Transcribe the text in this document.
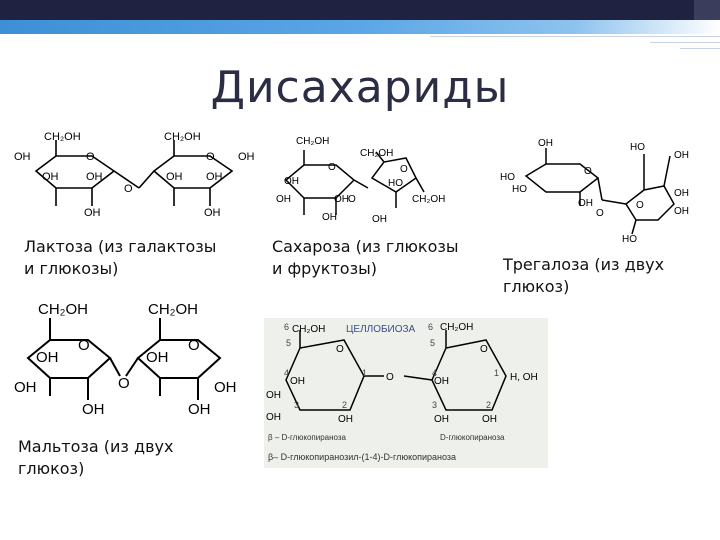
Дисахариды
CH₂OH	CH₂OH
OH	O
OH	OH
OH
O
O OH
OH OH
OH
CH₂OH
CH₂OH
CH₂OH
O
OH
OH
OH
OH O
O
HO
OH
OH
HO
HO
O
OH
O
HO
OH
O
OH
OH
HO
CH₂OH	CH₂OH
O	O
OH	OH
OH	O
OH	OH
OH
CH₂OH
6	ЦЕЛЛОБИОЗА CH₂OH
6
O	O
5	5
4
OH
OH
1 O
OH
3	2
OH
4
OH
1 H, OH
3	2
OH	OH
β – D-глюкопираноза	D-глюкопираноза
β– D-глюкопиранозил-(1-4)-D-глюкопираноза
Лактоза (из галактозы
и глюкозы)
Сахароза (из глюкозы
и фруктозы)	Трегалоза (из двух
глюкоз)
Мальтоза (из двух
глюкоз)
